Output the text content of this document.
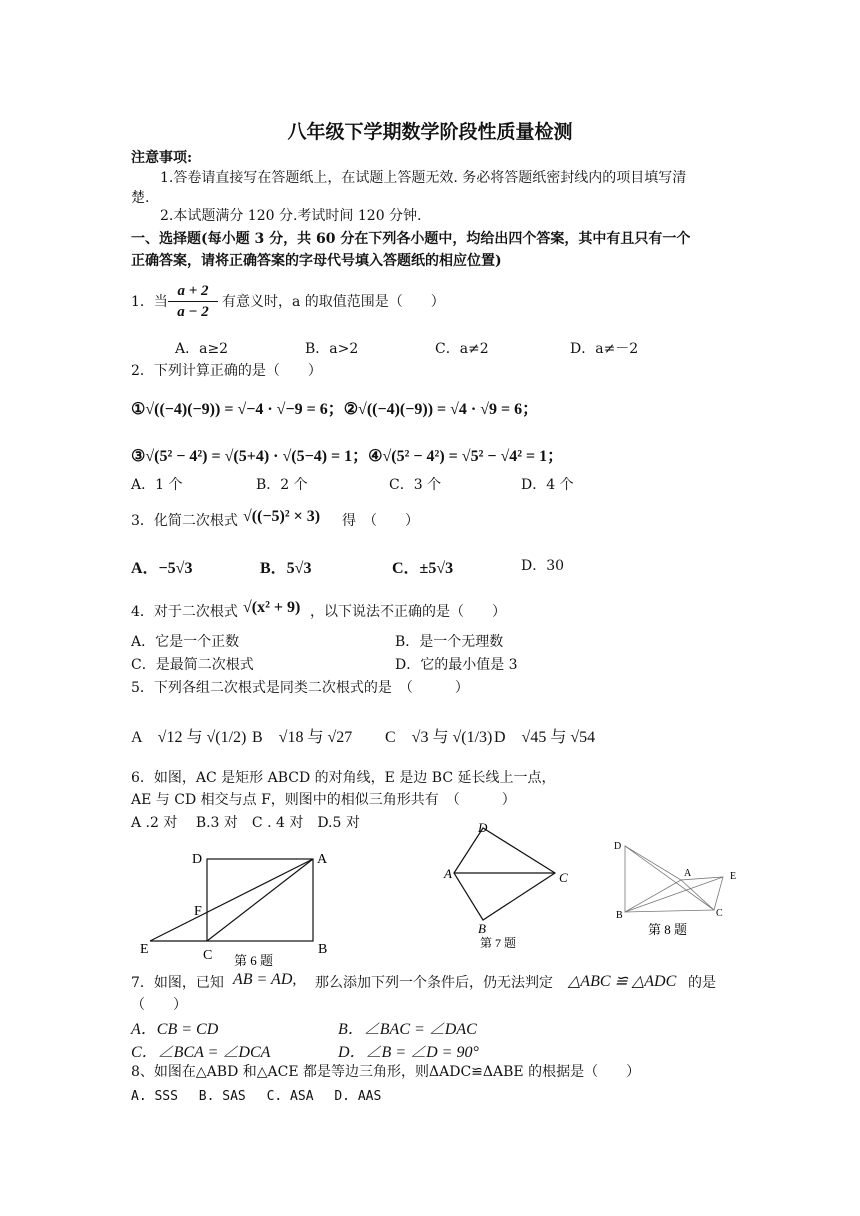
八年级下学期数学阶段性质量检测
注意事项:
1.答卷请直接写在答题纸上，在试题上答题无效. 务必将答题纸密封线内的项目填写清
楚.
2.本试题满分 120 分.考试时间 120 分钟.
一、选择题(每小题 3 分，共 60 分在下列各小题中，均给出四个答案，其中有且只有一个
正确答案，请将正确答案的字母代号填入答题纸的相应位置)
1．当
a + 2
a − 2
有意义时，a 的取值范围是（　　）
A．a≥2	B．a>2	C．a≠2	D．a≠－2
2．下列计算正确的是（　　）
①√((−4)(−9)) = √−4 · √−9 = 6；②√((−4)(−9)) = √4 · √9 = 6；
③√(5² − 4²) = √(5+4) · √(5−4) = 1；④√(5² − 4²) = √5² − √4² = 1；
A．1 个	B．2 个	C．3 个	D．4 个
3．化简二次根式 √((−5)² × 3) 得　（　　）
A．−5√3	B．5√3	C．±5√3	D．30
4．对于二次根式 √(x² + 9) ，以下说法不正确的是（　　）
A．它是一个正数	B．是一个无理数
C．是最简二次根式	D．它的最小值是 3
5．下列各组二次根式是同类二次根式的是　（　　　）
A　√12 与 √(1/2) B　√18 与 √27 C　√3 与 √(1/3) D　√45 与 √54
6．如图，AC 是矩形 ABCD 的对角线，E 是边 BC 延长线上一点，
AE 与 CD 相交与点 F，则图中的相似三角形共有　（　　　）
A .2 对　 B.3 对　C . 4 对　D.5 对
D	A
F
E	C	B
第 6 题
D
A	C
B
第 7 题
D
A	E
B	C
第 8 题
7．如图，已知 AB = AD, 那么添加下列一个条件后，仍无法判定 △ABC ≌ △ADC 的是
（　　）
A．CB = CD	B．∠BAC = ∠DAC
C．∠BCA = ∠DCA	D．∠B = ∠D = 90°
8、如图在△ABD 和△ACE 都是等边三角形，则ΔADC≌ΔABE 的根据是（　　）
A. SSS　 B. SAS　 C. ASA　 D. AAS
